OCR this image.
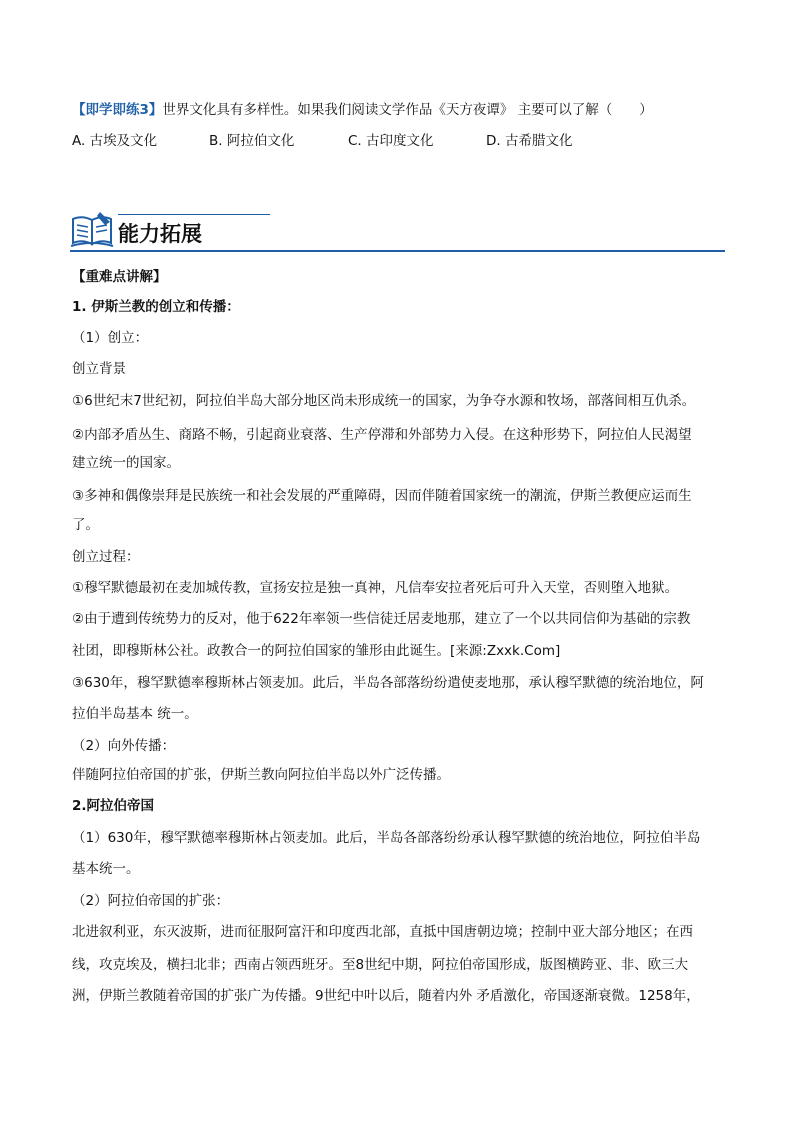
【即学即练3】世界文化具有多样性。如果我们阅读文学作品《天方夜谭》 主要可以了解（　　）
A. 古埃及文化	B. 阿拉伯文化	C. 古印度文化	D. 古希腊文化
能力拓展
【重难点讲解】
1. 伊斯兰教的创立和传播：
（1）创立：
创立背景
①6世纪末7世纪初，阿拉伯半岛大部分地区尚未形成统一的国家，为争夺水源和牧场，部落间相互仇杀。
②内部矛盾丛生、商路不畅，引起商业衰落、生产停滞和外部势力入侵。在这种形势下，阿拉伯人民渴望
建立统一的国家。
③多神和偶像崇拜是民族统一和社会发展的严重障碍，因而伴随着国家统一的潮流，伊斯兰教便应运而生
了。
创立过程：
①穆罕默德最初在麦加城传教，宣扬安拉是独一真神，凡信奉安拉者死后可升入天堂，否则堕入地狱。
②由于遭到传统势力的反对，他于622年率领一些信徒迁居麦地那，建立了一个以共同信仰为基础的宗教
社团，即穆斯林公社。政教合一的阿拉伯国家的雏形由此诞生。[来源:Zxxk.Com]
③630年，穆罕默德率穆斯林占领麦加。此后，半岛各部落纷纷遣使麦地那，承认穆罕默德的统治地位，阿
拉伯半岛基本 统一。
（2）向外传播：
伴随阿拉伯帝国的扩张，伊斯兰教向阿拉伯半岛以外广泛传播。
2.阿拉伯帝国
（1）630年，穆罕默德率穆斯林占领麦加。此后，半岛各部落纷纷承认穆罕默德的统治地位，阿拉伯半岛
基本统一。
（2）阿拉伯帝国的扩张：
北进叙利亚，东灭波斯，进而征服阿富汗和印度西北部，直抵中国唐朝边境；控制中亚大部分地区；在西
线，攻克埃及，横扫北非；西南占领西班牙。至8世纪中期，阿拉伯帝国形成，版图横跨亚、非、欧三大
洲，伊斯兰教随着帝国的扩张广为传播。9世纪中叶以后，随着内外 矛盾激化，帝国逐渐衰微。1258年，
